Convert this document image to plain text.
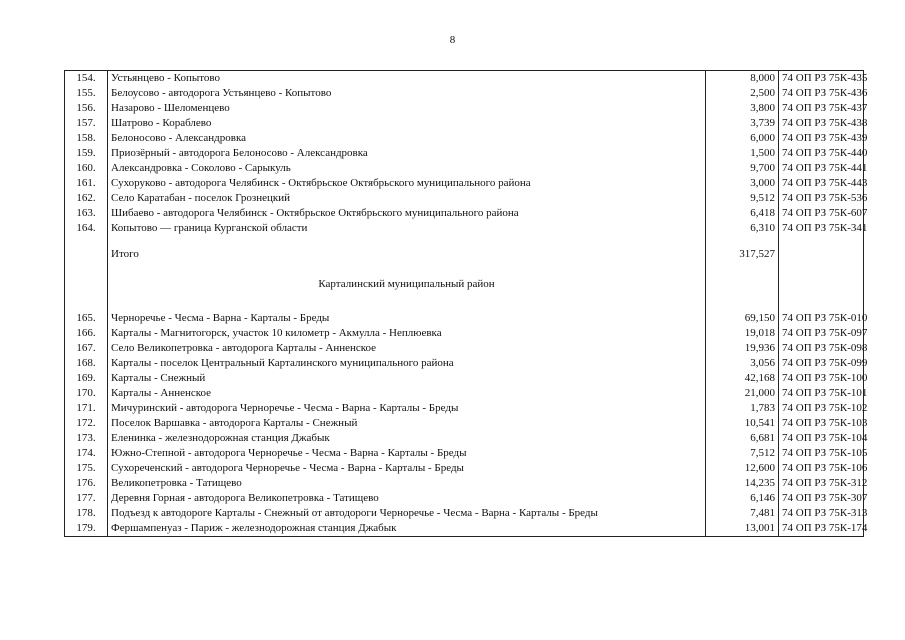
8
154.	Устьянцево - Копытово	8,000	74 ОП РЗ 75К-435
155.	Белоусово - автодорога Устьянцево - Копытово	2,500	74 ОП РЗ 75К-436
156.	Назарово - Шеломенцево	3,800	74 ОП РЗ 75К-437
157.	Шатрово - Кораблево	3,739	74 ОП РЗ 75К-438
158.	Белоносово - Александровка	6,000	74 ОП РЗ 75К-439
159.	Приозёрный - автодорога Белоносово - Александровка	1,500	74 ОП РЗ 75К-440
160.	Александровка - Соколово - Сарыкуль	9,700	74 ОП РЗ 75К-441
161.	Сухоруково - автодорога Челябинск - Октябрьское Октябрьского муниципального района	3,000	74 ОП РЗ 75К-443
162.	Село Каратабан - поселок Грознецкий	9,512	74 ОП РЗ 75К-536
163.	Шибаево - автодорога Челябинск - Октябрьское Октябрьского муниципального района	6,418	74 ОП РЗ 75К-607
164.	Копытово — граница Курганской области	6,310	74 ОП РЗ 75К-341
	Итого	317,527	
	Карталинский муниципальный район		
165.	Черноречье - Чесма - Варна - Карталы - Бреды	69,150	74 ОП РЗ 75К-010
166.	Карталы - Магнитогорск, участок 10 километр - Акмулла - Неплюевка	19,018	74 ОП РЗ 75К-097
167.	Село Великопетровка - автодорога Карталы - Анненское	19,936	74 ОП РЗ 75К-098
168.	Карталы - поселок Центральный Карталинского муниципального района	3,056	74 ОП РЗ 75К-099
169.	Карталы - Снежный	42,168	74 ОП РЗ 75К-100
170.	Карталы - Анненское	21,000	74 ОП РЗ 75К-101
171.	Мичуринский - автодорога Черноречье - Чесма - Варна - Карталы - Бреды	1,783	74 ОП РЗ 75К-102
172.	Поселок Варшавка - автодорога Карталы - Снежный	10,541	74 ОП РЗ 75К-103
173.	Еленинка - железнодорожная станция Джабык	6,681	74 ОП РЗ 75К-104
174.	Южно-Степной - автодорога Черноречье - Чесма - Варна - Карталы - Бреды	7,512	74 ОП РЗ 75К-105
175.	Сухореченский - автодорога Черноречье - Чесма - Варна - Карталы - Бреды	12,600	74 ОП РЗ 75К-106
176.	Великопетровка - Татищево	14,235	74 ОП РЗ 75К-312
177.	Деревня Горная - автодорога Великопетровка - Татищево	6,146	74 ОП РЗ 75К-307
178.	Подъезд к автодороге Карталы - Снежный от автодороги Черноречье - Чесма - Варна - Карталы - Бреды	7,481	74 ОП РЗ 75К-313
179.	Фершампенуаз - Париж - железнодорожная станция Джабык	13,001	74 ОП РЗ 75К-174
